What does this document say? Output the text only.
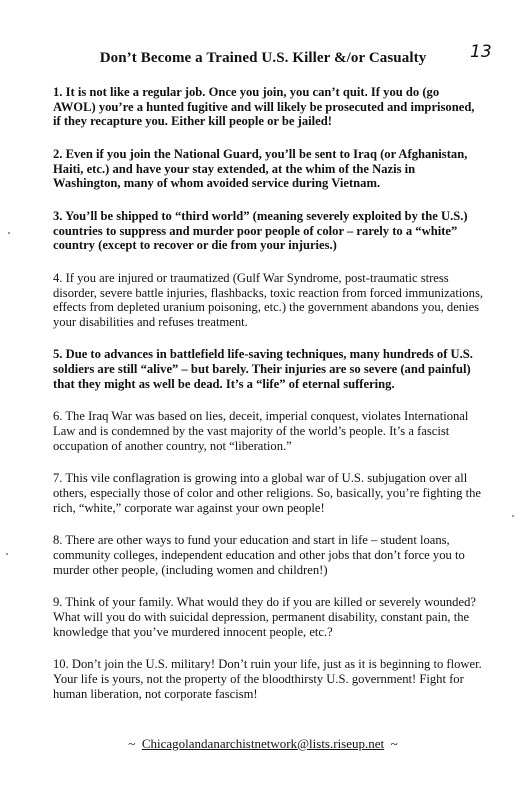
Don’t Become a Trained U.S. Killer &/or Casualty	13

1. It is not like a regular job. Once you join, you can’t quit. If you do (go AWOL) you’re a hunted fugitive and will likely be prosecuted and imprisoned, if they recapture you. Either kill people or be jailed!

2. Even if you join the National Guard, you’ll be sent to Iraq (or Afghanistan, Haiti, etc.) and have your stay extended, at the whim of the Nazis in Washington, many of whom avoided service during Vietnam.

3. You’ll be shipped to “third world” (meaning severely exploited by the U.S.) countries to suppress and murder poor people of color – rarely to a “white” country (except to recover or die from your injuries.)

4. If you are injured or traumatized (Gulf War Syndrome, post-traumatic stress disorder, severe battle injuries, flashbacks, toxic reaction from forced immunizations, effects from depleted uranium poisoning, etc.) the government abandons you, denies your disabilities and refuses treatment.

5. Due to advances in battlefield life-saving techniques, many hundreds of U.S. soldiers are still “alive” – but barely. Their injuries are so severe (and painful) that they might as well be dead. It’s a “life” of eternal suffering.

6. The Iraq War was based on lies, deceit, imperial conquest, violates International Law and is condemned by the vast majority of the world’s people. It’s a fascist occupation of another country, not “liberation.”

7. This vile conflagration is growing into a global war of U.S. subjugation over all others, especially those of color and other religions. So, basically, you’re fighting the rich, “white,” corporate war against your own people!

8. There are other ways to fund your education and start in life – student loans, community colleges, independent education and other jobs that don’t force you to murder other people, (including women and children!)

9. Think of your family. What would they do if you are killed or severely wounded? What will you do with suicidal depression, permanent disability, constant pain, the knowledge that you’ve murdered innocent people, etc.?

10. Don’t join the U.S. military! Don’t ruin your life, just as it is beginning to flower. Your life is yours, not the property of the bloodthirsty U.S. government! Fight for human liberation, not corporate fascism!

~ Chicagolandanarchistnetwork@lists.riseup.net ~
